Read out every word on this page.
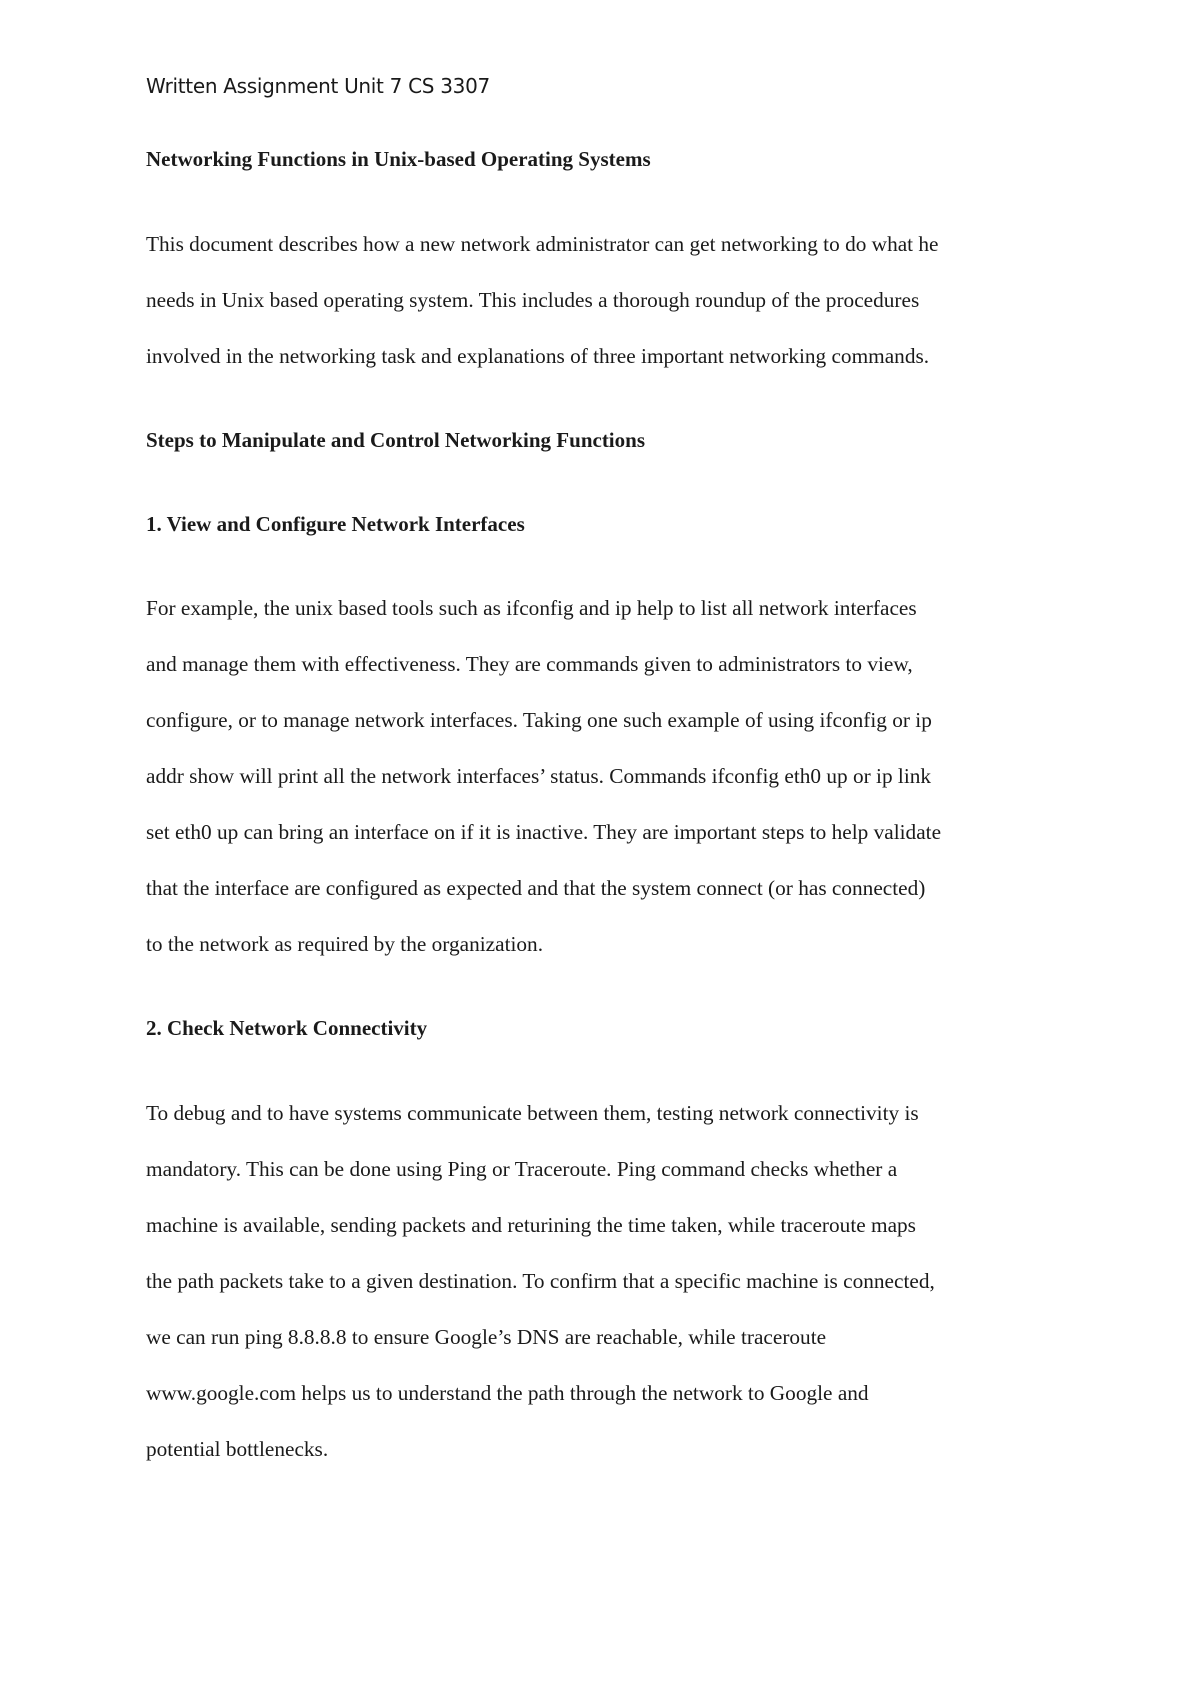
Written Assignment Unit 7 CS 3307
Networking Functions in Unix-based Operating Systems
This document describes how a new network administrator can get networking to do what he
needs in Unix based operating system. This includes a thorough roundup of the procedures
involved in the networking task and explanations of three important networking commands.
Steps to Manipulate and Control Networking Functions
1. View and Configure Network Interfaces
For example, the unix based tools such as ifconfig and ip help to list all network interfaces
and manage them with effectiveness. They are commands given to administrators to view,
configure, or to manage network interfaces. Taking one such example of using ifconfig or ip
addr show will print all the network interfaces’ status. Commands ifconfig eth0 up or ip link
set eth0 up can bring an interface on if it is inactive. They are important steps to help validate
that the interface are configured as expected and that the system connect (or has connected)
to the network as required by the organization.
2. Check Network Connectivity
To debug and to have systems communicate between them, testing network connectivity is
mandatory. This can be done using Ping or Traceroute. Ping command checks whether a
machine is available, sending packets and returining the time taken, while traceroute maps
the path packets take to a given destination. To confirm that a specific machine is connected,
we can run ping 8.8.8.8 to ensure Google’s DNS are reachable, while traceroute
www.google.com helps us to understand the path through the network to Google and
potential bottlenecks.
